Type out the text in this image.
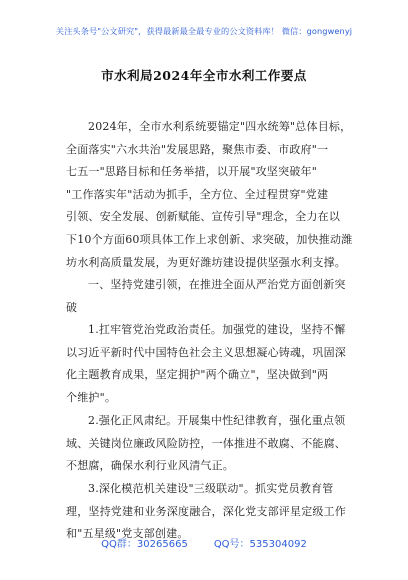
关注头条号"公文研究"，获得最新最全最专业的公文资料库！ 微信：gongwenyj
市水利局2024年全市水利工作要点
2024年，全市水利系统要锚定"四水统筹"总体目标，
全面落实"六水共治"发展思路，聚焦市委、市政府"一
七五一"思路目标和任务举措，以开展"攻坚突破年"
"工作落实年"活动为抓手，全方位、全过程贯穿"党建
引领、安全发展、创新赋能、宣传引导"理念，全力在以
下10个方面60项具体工作上求创新、求突破，加快推动潍
坊水利高质量发展，为更好潍坊建设提供坚强水利支撑。
一、坚持党建引领，在推进全面从严治党方面创新突
破
1.扛牢管党治党政治责任。加强党的建设，坚持不懈
以习近平新时代中国特色社会主义思想凝心铸魂，巩固深
化主题教育成果，坚定拥护"两个确立"，坚决做到"两
个维护"。
2.强化正风肃纪。开展集中性纪律教育，强化重点领
域、关键岗位廉政风险防控，一体推进不敢腐、不能腐、
不想腐，确保水利行业风清气正。
3.深化模范机关建设"三级联动"。抓实党员教育管
理，坚持党建和业务深度融合，深化党支部评星定级工作
和"五星级"党支部创建。
QQ群：30265665	QQ号：535304092
